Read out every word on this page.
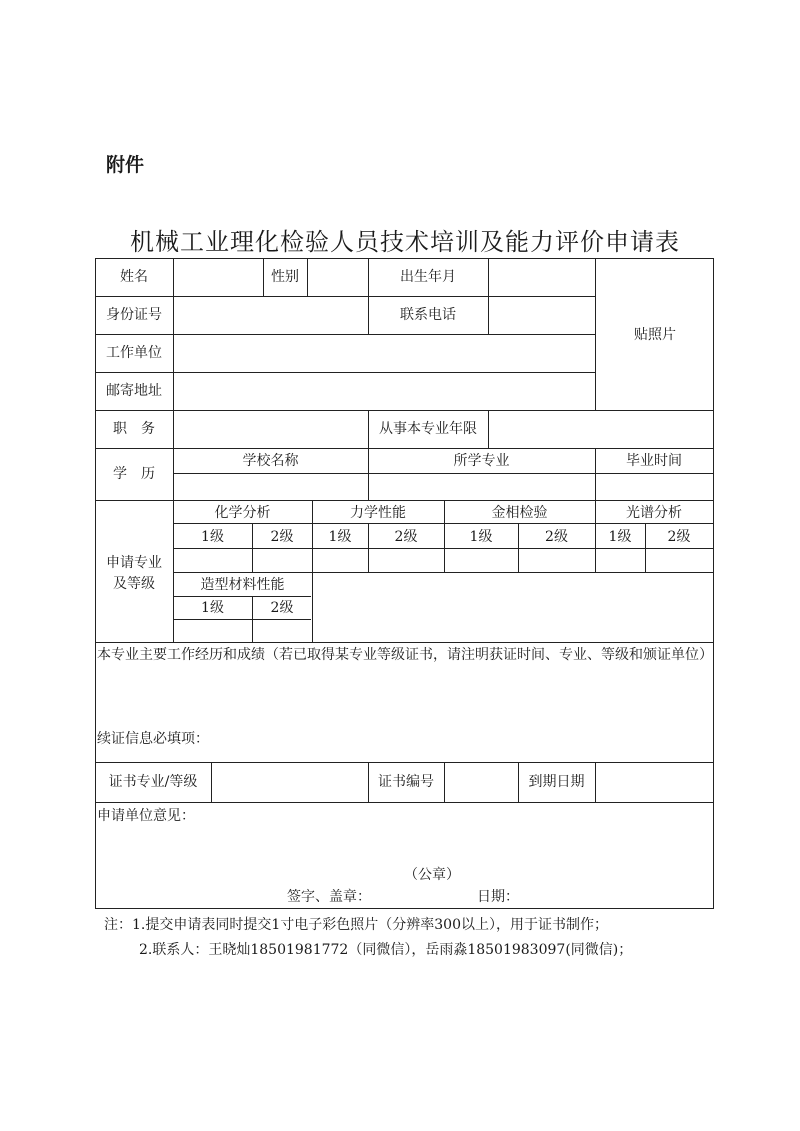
附件
机械工业理化检验人员技术培训及能力评价申请表
姓名	性别	出生年月
贴照片
身份证号	联系电话
工作单位
邮寄地址
职　务	从事本专业年限
学　历
学校名称	所学专业	毕业时间
申请专业及等级
化学分析	力学性能	金相检验	光谱分析
1级	2级	1级	2级	1级	2级	1级	2级
造型材料性能
1级	2级
本专业主要工作经历和成绩（若已取得某专业等级证书，请注明获证时间、专业、等级和颁证单位）
续证信息必填项：
证书专业/等级	证书编号	到期日期
申请单位意见：
（公章）
签字、盖章：	日期：
注：1.提交申请表同时提交1寸电子彩色照片（分辨率300以上），用于证书制作；
2.联系人：王晓灿18501981772（同微信），岳雨淼18501983097(同微信)；
